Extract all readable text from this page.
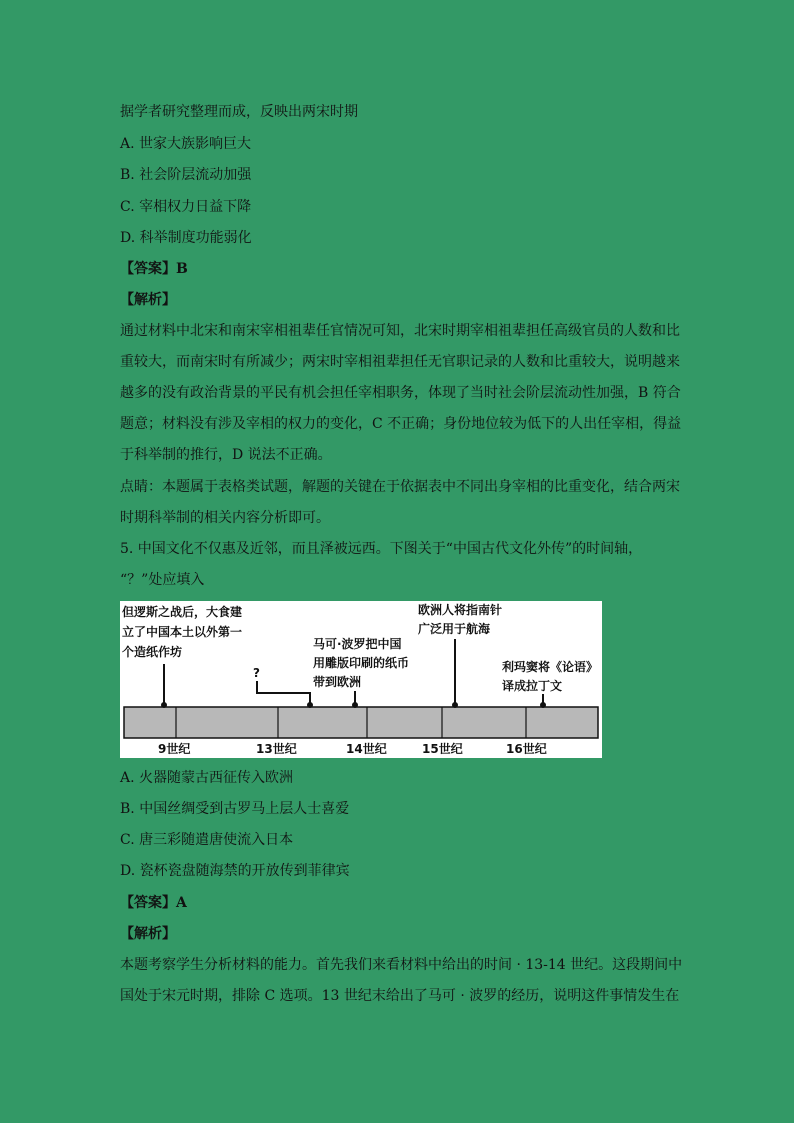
据学者研究整理而成，反映出两宋时期
A. 世家大族影响巨大
B. 社会阶层流动加强
C. 宰相权力日益下降
D. 科举制度功能弱化
【答案】B
【解析】
通过材料中北宋和南宋宰相祖辈任官情况可知，北宋时期宰相祖辈担任高级官员的人数和比
重较大，而南宋时有所减少；两宋时宰相祖辈担任无官职记录的人数和比重较大，说明越来
越多的没有政治背景的平民有机会担任宰相职务，体现了当时社会阶层流动性加强，B 符合
题意；材料没有涉及宰相的权力的变化，C 不正确；身份地位较为低下的人出任宰相，得益
于科举制的推行，D 说法不正确。
点睛：本题属于表格类试题，解题的关键在于依据表中不同出身宰相的比重变化，结合两宋
时期科举制的相关内容分析即可。
5. 中国文化不仅惠及近邻，而且泽被远西。下图关于“中国古代文化外传”的时间轴，
“？”处应填入
A. 火器随蒙古西征传入欧洲
B. 中国丝绸受到古罗马上层人士喜爱
C. 唐三彩随遣唐使流入日本
D. 瓷杯瓷盘随海禁的开放传到菲律宾
【答案】A
【解析】
本题考察学生分析材料的能力。首先我们来看材料中给出的时间 · 13-14 世纪。这段期间中
国处于宋元时期，排除 C 选项。13 世纪末给出了马可 · 波罗的经历，说明这件事情发生在
但逻斯之战后，大食建
立了中国本土以外第一
个造纸作坊
?
马可·波罗把中国
用雕版印刷的纸币
带到欧洲
欧洲人将指南针
广泛用于航海
利玛窦将《论语》
译成拉丁文
9世纪	13世纪	14世纪	15世纪	16世纪
